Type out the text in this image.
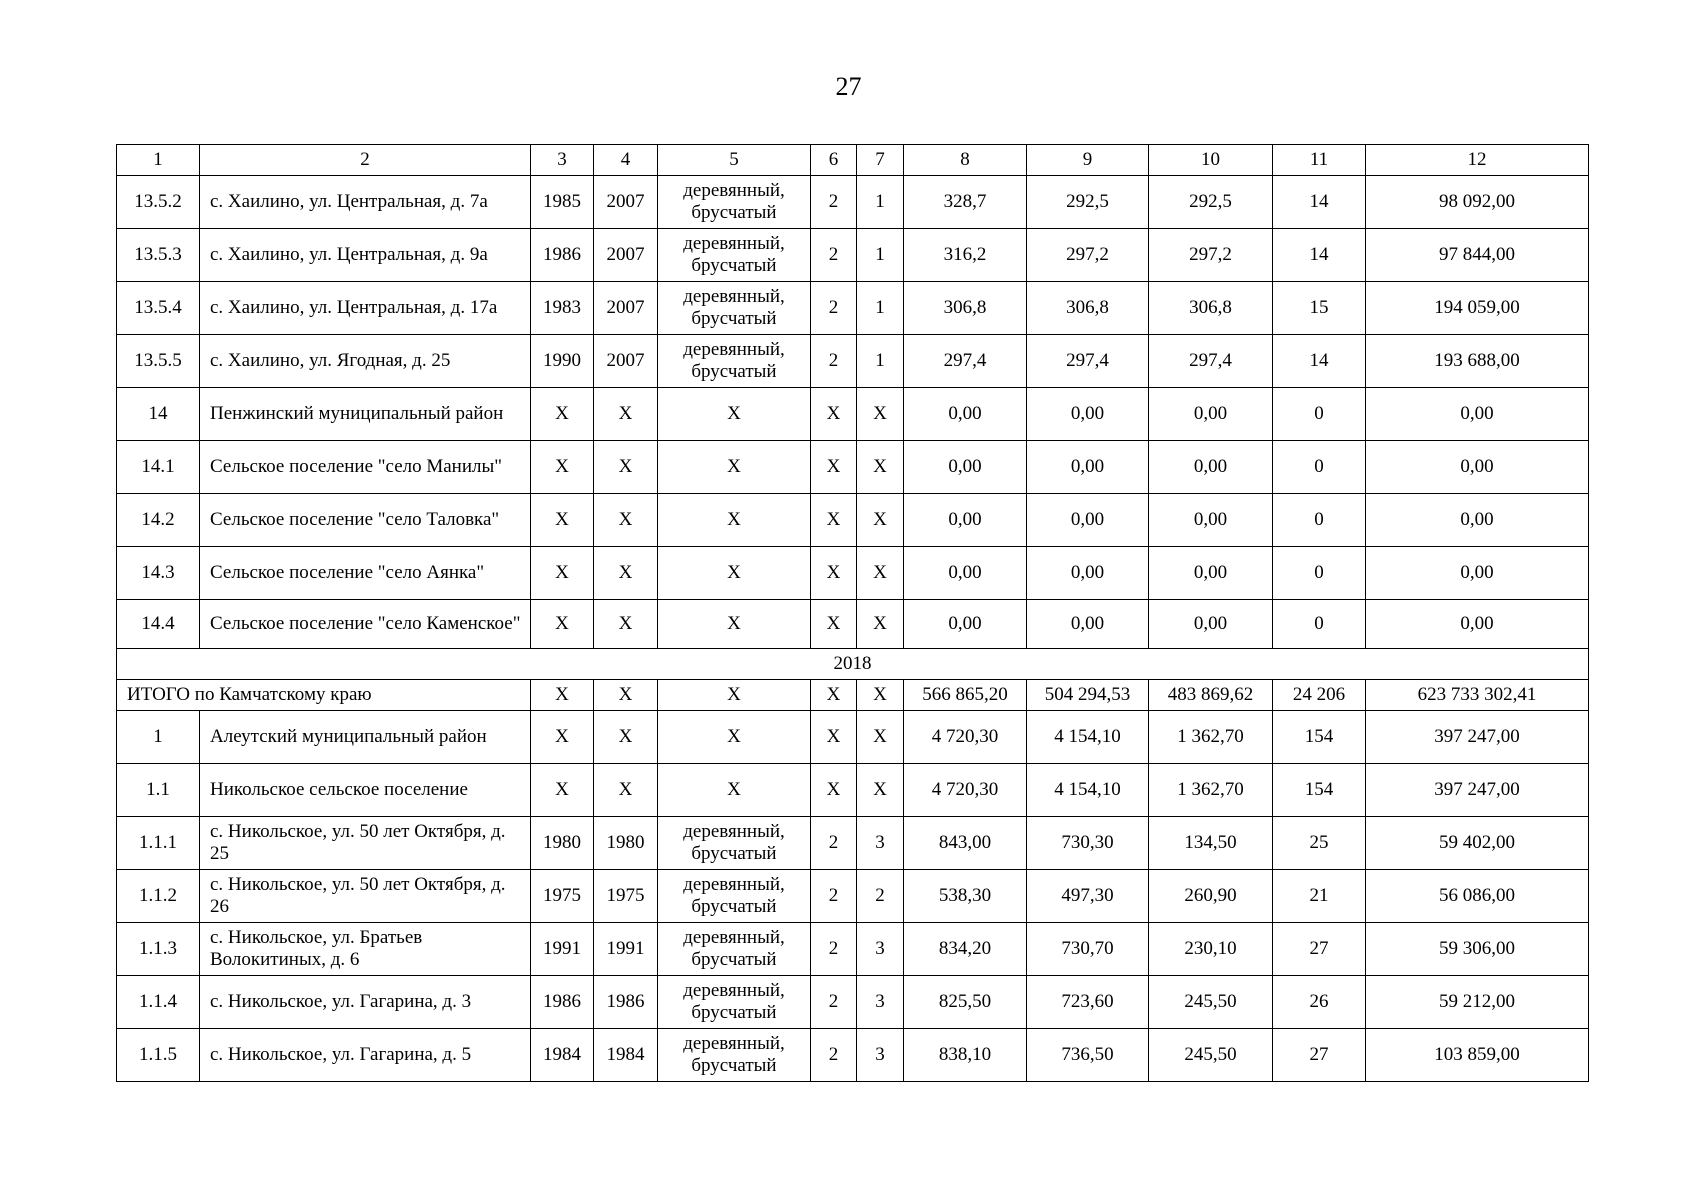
27
1	2	3	4	5	6	7	8	9	10	11	12
13.5.2	с. Хаилино, ул. Центральная, д. 7а	1985	2007	деревянный, брусчатый	2	1	328,7	292,5	292,5	14	98 092,00
13.5.3	с. Хаилино, ул. Центральная, д. 9а	1986	2007	деревянный, брусчатый	2	1	316,2	297,2	297,2	14	97 844,00
13.5.4	с. Хаилино, ул. Центральная, д. 17а	1983	2007	деревянный, брусчатый	2	1	306,8	306,8	306,8	15	194 059,00
13.5.5	с. Хаилино, ул. Ягодная, д. 25	1990	2007	деревянный, брусчатый	2	1	297,4	297,4	297,4	14	193 688,00
14	Пенжинский муниципальный район	X	X	X	X	X	0,00	0,00	0,00	0	0,00
14.1	Сельское поселение "село Манилы"	X	X	X	X	X	0,00	0,00	0,00	0	0,00
14.2	Сельское поселение "село Таловка"	X	X	X	X	X	0,00	0,00	0,00	0	0,00
14.3	Сельское поселение "село Аянка"	X	X	X	X	X	0,00	0,00	0,00	0	0,00
14.4	Сельское поселение "село Каменское"	X	X	X	X	X	0,00	0,00	0,00	0	0,00
2018											
ИТОГО по Камчатскому краю		X	X	X	X	X	566 865,20	504 294,53	483 869,62	24 206	623 733 302,41
1	Алеутский муниципальный район	X	X	X	X	X	4 720,30	4 154,10	1 362,70	154	397 247,00
1.1	Никольское сельское поселение	X	X	X	X	X	4 720,30	4 154,10	1 362,70	154	397 247,00
1.1.1	с. Никольское, ул. 50 лет Октября, д. 25	1980	1980	деревянный, брусчатый	2	3	843,00	730,30	134,50	25	59 402,00
1.1.2	с. Никольское, ул. 50 лет Октября, д. 26	1975	1975	деревянный, брусчатый	2	2	538,30	497,30	260,90	21	56 086,00
1.1.3	с. Никольское, ул. Братьев Волокитиных, д. 6	1991	1991	деревянный, брусчатый	2	3	834,20	730,70	230,10	27	59 306,00
1.1.4	с. Никольское, ул. Гагарина, д. 3	1986	1986	деревянный, брусчатый	2	3	825,50	723,60	245,50	26	59 212,00
1.1.5	с. Никольское, ул. Гагарина, д. 5	1984	1984	деревянный, брусчатый	2	3	838,10	736,50	245,50	27	103 859,00
